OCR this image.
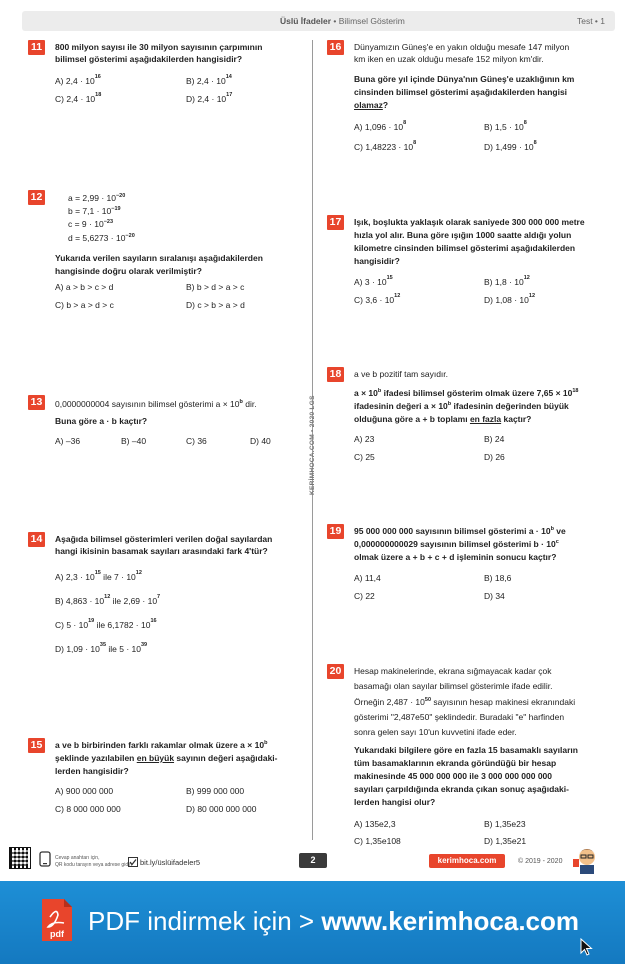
Üslü İfadeler • Bilimsel Gösterim	Test • 1
KERİMHOCA.COM • 2020 LGS
11	800 milyon sayısı ile 30 milyon sayısının çarpımının
bilimsel gösterimi aşağıdakilerden hangisidir?
A) $2,4 \cdot 10^{16}$	B) $2,4 \cdot 10^{14}$
C) $2,4 \cdot 10^{18}$	D) $2,4 \cdot 10^{17}$
12	$a = 2,99 \cdot 10^{-20}$
$b = 7,1 \cdot 10^{-19}$
$c = 9 \cdot 10^{-23}$
$d = 5,6273 \cdot 10^{-20}$
Yukarıda verilen sayıların sıralanışı aşağıdakilerden
hangisinde doğru olarak verilmiştir?
A) a > b > c > d	B) b > d > a > c
C) b > a > d > c	D) c > b > a > d
13	0,0000000004 sayısının bilimsel gösterimi $a \times 10^b$ dir.
Buna göre a · b kaçtır?
A) –36	B) –40	C) 36	D) 40
14	Aşağıda bilimsel gösterimleri verilen doğal sayılardan
hangi ikisinin basamak sayıları arasındaki fark 4'tür?
A) $2,3 \cdot 10^{15}$ ile $7 \cdot 10^{12}$
B) $4,863 \cdot 10^{12}$ ile $2,69 \cdot 10^7$
C) $5 \cdot 10^{19}$ ile $6,1782 \cdot 10^{16}$
D) $1,09 \cdot 10^{35}$ ile $5 \cdot 10^{39}$
15	a ve b birbirinden farklı rakamlar olmak üzere $a \times 10^b$
şeklinde yazılabilen en büyük sayının değeri aşağıdaki-
lerden hangisidir?
A) 900 000 000	B) 999 000 000
C) 8 000 000 000	D) 80 000 000 000
16	Dünyamızın Güneş'e en yakın olduğu mesafe 147 milyon
km iken en uzak olduğu mesafe 152 milyon km'dir.
Buna göre yıl içinde Dünya'nın Güneş'e uzaklığının km
cinsinden bilimsel gösterimi aşağıdakilerden hangisi
olamaz?
A) $1,096 \cdot 10^8$	B) $1,5 \cdot 10^8$
C) $1,48223 \cdot 10^8$	D) $1,499 \cdot 10^8$
17	Işık, boşlukta yaklaşık olarak saniyede 300 000 000 metre
hızla yol alır. Buna göre ışığın 1000 saatte aldığı yolun
kilometre cinsinden bilimsel gösterimi aşağıdakilerden
hangisidir?
A) $3 \cdot 10^{15}$	B) $1,8 \cdot 10^{12}$
C) $3,6 \cdot 10^{12}$	D) $1,08 \cdot 10^{12}$
18	a ve b pozitif tam sayıdır.
$a \times 10^b$ ifadesi bilimsel gösterim olmak üzere $7,65 \times 10^{18}$
ifadesinin değeri $a \times 10^b$ ifadesinin değerinden büyük
olduğuna göre a + b toplamı en fazla kaçtır?
A) 23	B) 24
C) 25	D) 26
19	95 000 000 000 sayısının bilimsel gösterimi $a \cdot 10^b$ ve
0,000000000029 sayısının bilimsel gösterimi $b \cdot 10^c$
olmak üzere a + b + c + d işleminin sonucu kaçtır?
A) 11,4	B) 18,6
C) 22	D) 34
20	Hesap makinelerinde, ekrana sığmayacak kadar çok
basamağı olan sayılar bilimsel gösterimle ifade edilir.
Örneğin $2,487 \cdot 10^{50}$ sayısının hesap makinesi ekranındaki
gösterimi "2,487e50" şeklindedir. Buradaki "e" harfinden
sonra gelen sayı 10'un kuvvetini ifade eder.
Yukarıdaki bilgilere göre en fazla 15 basamaklı sayıların
tüm basamaklarının ekranda göründüğü bir hesap
makinesinde 45 000 000 000 ile 3 000 000 000 000
sayıları çarpıldığında ekranda çıkan sonuç aşağıdaki-
lerden hangisi olur?
A) 135e2,3	B) 1,35e23
C) 1,35e108	D) 1,35e21
Cevap anahtarı için,
QR kodu tarayın veya adrese gidin bit.ly/üslüifadeler5	2	kerimhoca.com	© 2019 - 2020
pdf PDF indirmek için > www.kerimhoca.com
